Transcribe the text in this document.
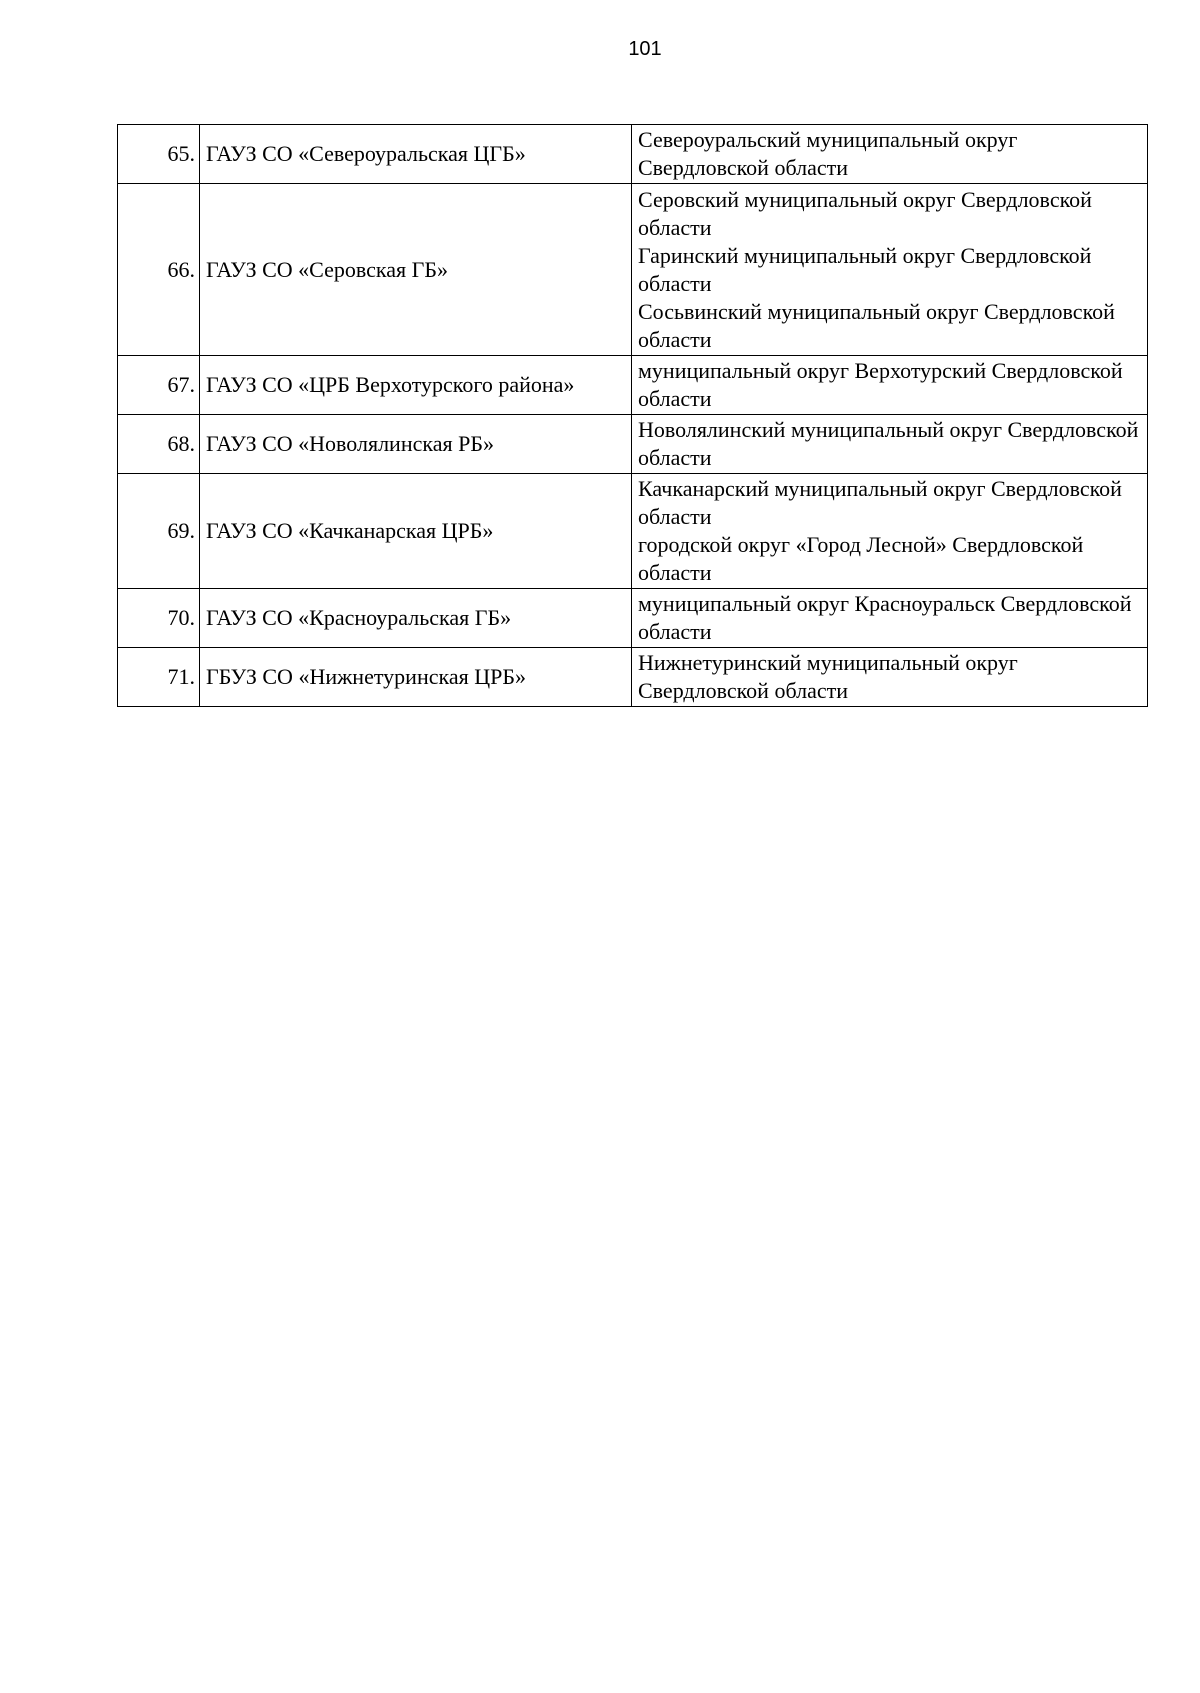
101
65.	ГАУЗ СО «Североуральская ЦГБ»	Североуральский муниципальный округ Свердловской области

66.	ГАУЗ СО «Серовская ГБ»	Серовский муниципальный округ Свердловской области
Гаринский муниципальный округ Свердловской области
Сосьвинский муниципальный округ Свердловской области

67.	ГАУЗ СО «ЦРБ Верхотурского района»	муниципальный округ Верхотурский Свердловской области

68.	ГАУЗ СО «Новолялинская РБ»	Новолялинский муниципальный округ Свердловской области

69.	ГАУЗ СО «Качканарская ЦРБ»	Качканарский муниципальный округ Свердловской области
городской округ «Город Лесной» Свердловской области

70.	ГАУЗ СО «Красноуральская ГБ»	муниципальный округ Красноуральск Свердловской области

71.	ГБУЗ СО «Нижнетуринская ЦРБ»	Нижнетуринский муниципальный округ Свердловской области
